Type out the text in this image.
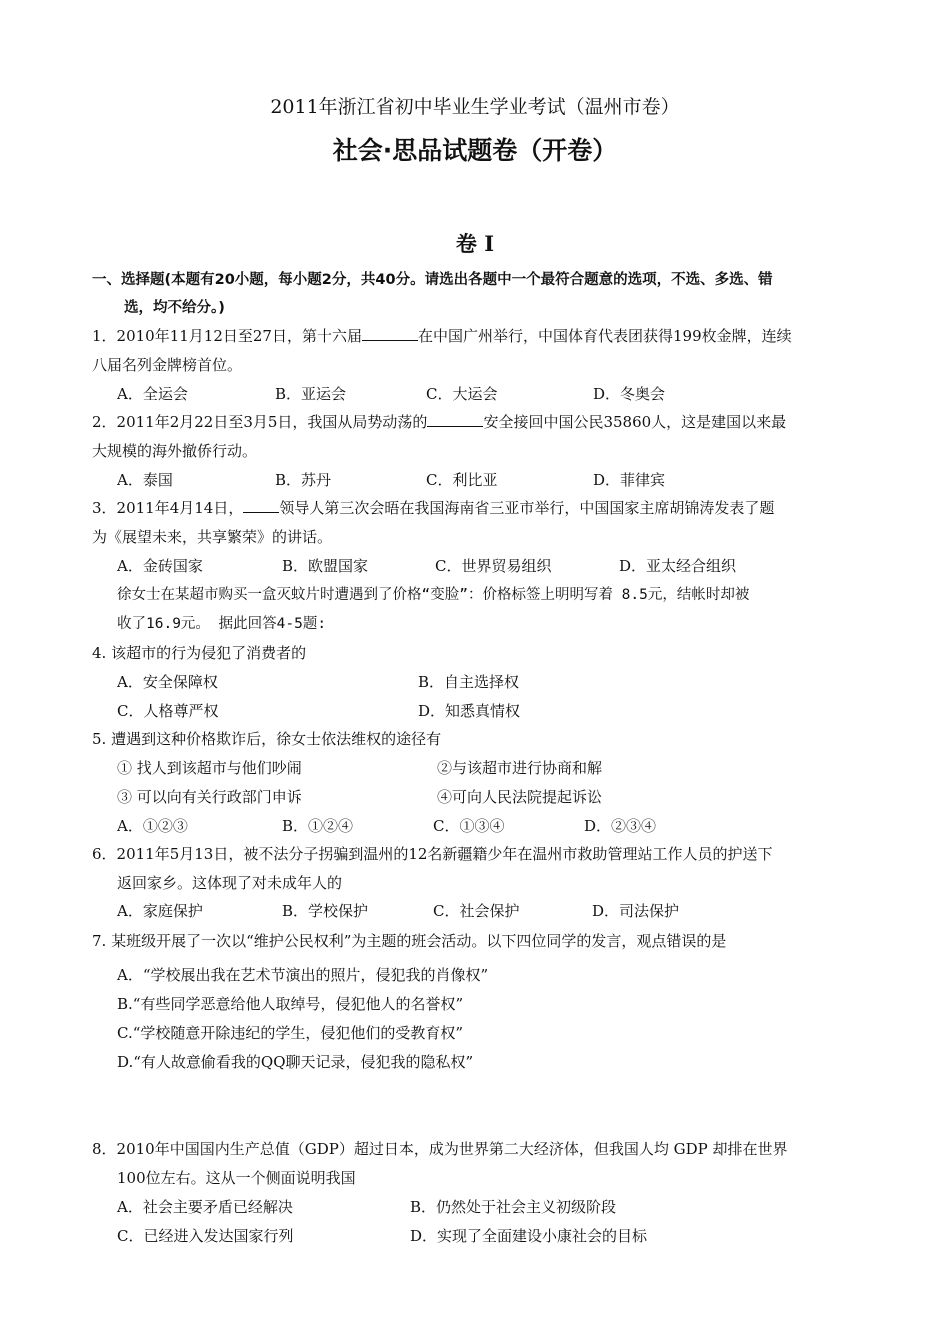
2011年浙江省初中毕业生学业考试（温州市卷）
社会·思品试题卷（开卷）
卷 I
一、选择题(本题有20小题，每小题2分，共40分。请选出各题中一个最符合题意的选项，不选、多选、错
选，均不给分。)
1．2010年11月12日至27日，第十六届	在中国广州举行，中国体育代表团获得199枚金牌，连续
八届名列金牌榜首位。
A．全运会	B．亚运会	C．大运会	D．冬奥会
2．2011年2月22日至3月5日，我国从局势动荡的	安全接回中国公民35860人，这是建国以来最
大规模的海外撤侨行动。
A．泰国	B．苏丹	C．利比亚	D．菲律宾
3．2011年4月14日， 领导人第三次会晤在我国海南省三亚市举行，中国国家主席胡锦涛发表了题
为《展望未来，共享繁荣》的讲话。
A．金砖国家	B．欧盟国家	C．世界贸易组织	D．亚太经合组织
徐女士在某超市购买一盒灭蚊片时遭遇到了价格“变脸”：价格标签上明明写着 8.5元，结帐时却被
收了16.9元。 据此回答4-5题:
4. 该超市的行为侵犯了消费者的
A．安全保障权	B．自主选择权
C．人格尊严权	D．知悉真情权
5. 遭遇到这种价格欺诈后，徐女士依法维权的途径有
① 找人到该超市与他们吵闹	②与该超市进行协商和解
③ 可以向有关行政部门申诉	④可向人民法院提起诉讼
A．①②③	B．①②④	C．①③④	D．②③④
6．2011年5月13日，被不法分子拐骗到温州的12名新疆籍少年在温州市救助管理站工作人员的护送下
返回家乡。这体现了对未成年人的
A．家庭保护	B．学校保护	C．社会保护	D．司法保护
7. 某班级开展了一次以“维护公民权利”为主题的班会活动。以下四位同学的发言，观点错误的是
A．“学校展出我在艺术节演出的照片，侵犯我的肖像权”
B.“有些同学恶意给他人取绰号，侵犯他人的名誉权”
C.“学校随意开除违纪的学生，侵犯他们的受教育权”
D.“有人故意偷看我的QQ聊天记录，侵犯我的隐私权”
8．2010年中国国内生产总值（GDP）超过日本，成为世界第二大经济体，但我国人均 GDP 却排在世界
100位左右。这从一个侧面说明我国
A．社会主要矛盾已经解决	B．仍然处于社会主义初级阶段
C．已经进入发达国家行列	D．实现了全面建设小康社会的目标
